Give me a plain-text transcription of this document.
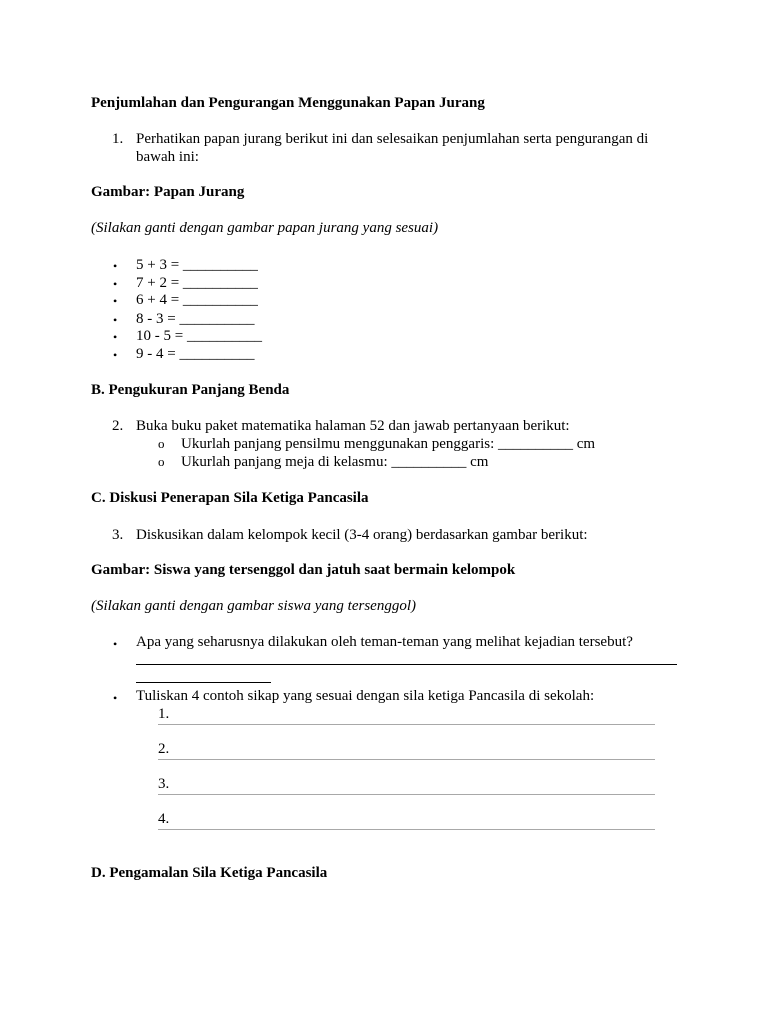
Penjumlahan dan Pengurangan Menggunakan Papan Jurang
1. Perhatikan papan jurang berikut ini dan selesaikan penjumlahan serta pengurangan di
bawah ini:
Gambar: Papan Jurang
(Silakan ganti dengan gambar papan jurang yang sesuai)
• 5 + 3 = __________
• 7 + 2 = __________
• 6 + 4 = __________
• 8 - 3 = __________
• 10 - 5 = __________
• 9 - 4 = __________
B. Pengukuran Panjang Benda
2. Buka buku paket matematika halaman 52 dan jawab pertanyaan berikut:
o Ukurlah panjang pensilmu menggunakan penggaris: __________ cm
o Ukurlah panjang meja di kelasmu: __________ cm
C. Diskusi Penerapan Sila Ketiga Pancasila
3. Diskusikan dalam kelompok kecil (3-4 orang) berdasarkan gambar berikut:
Gambar: Siswa yang tersenggol dan jatuh saat bermain kelompok
(Silakan ganti dengan gambar siswa yang tersenggol)
• Apa yang seharusnya dilakukan oleh teman-teman yang melihat kejadian tersebut?
• Tuliskan 4 contoh sikap yang sesuai dengan sila ketiga Pancasila di sekolah:
1.
2.
3.
4.
D. Pengamalan Sila Ketiga Pancasila
